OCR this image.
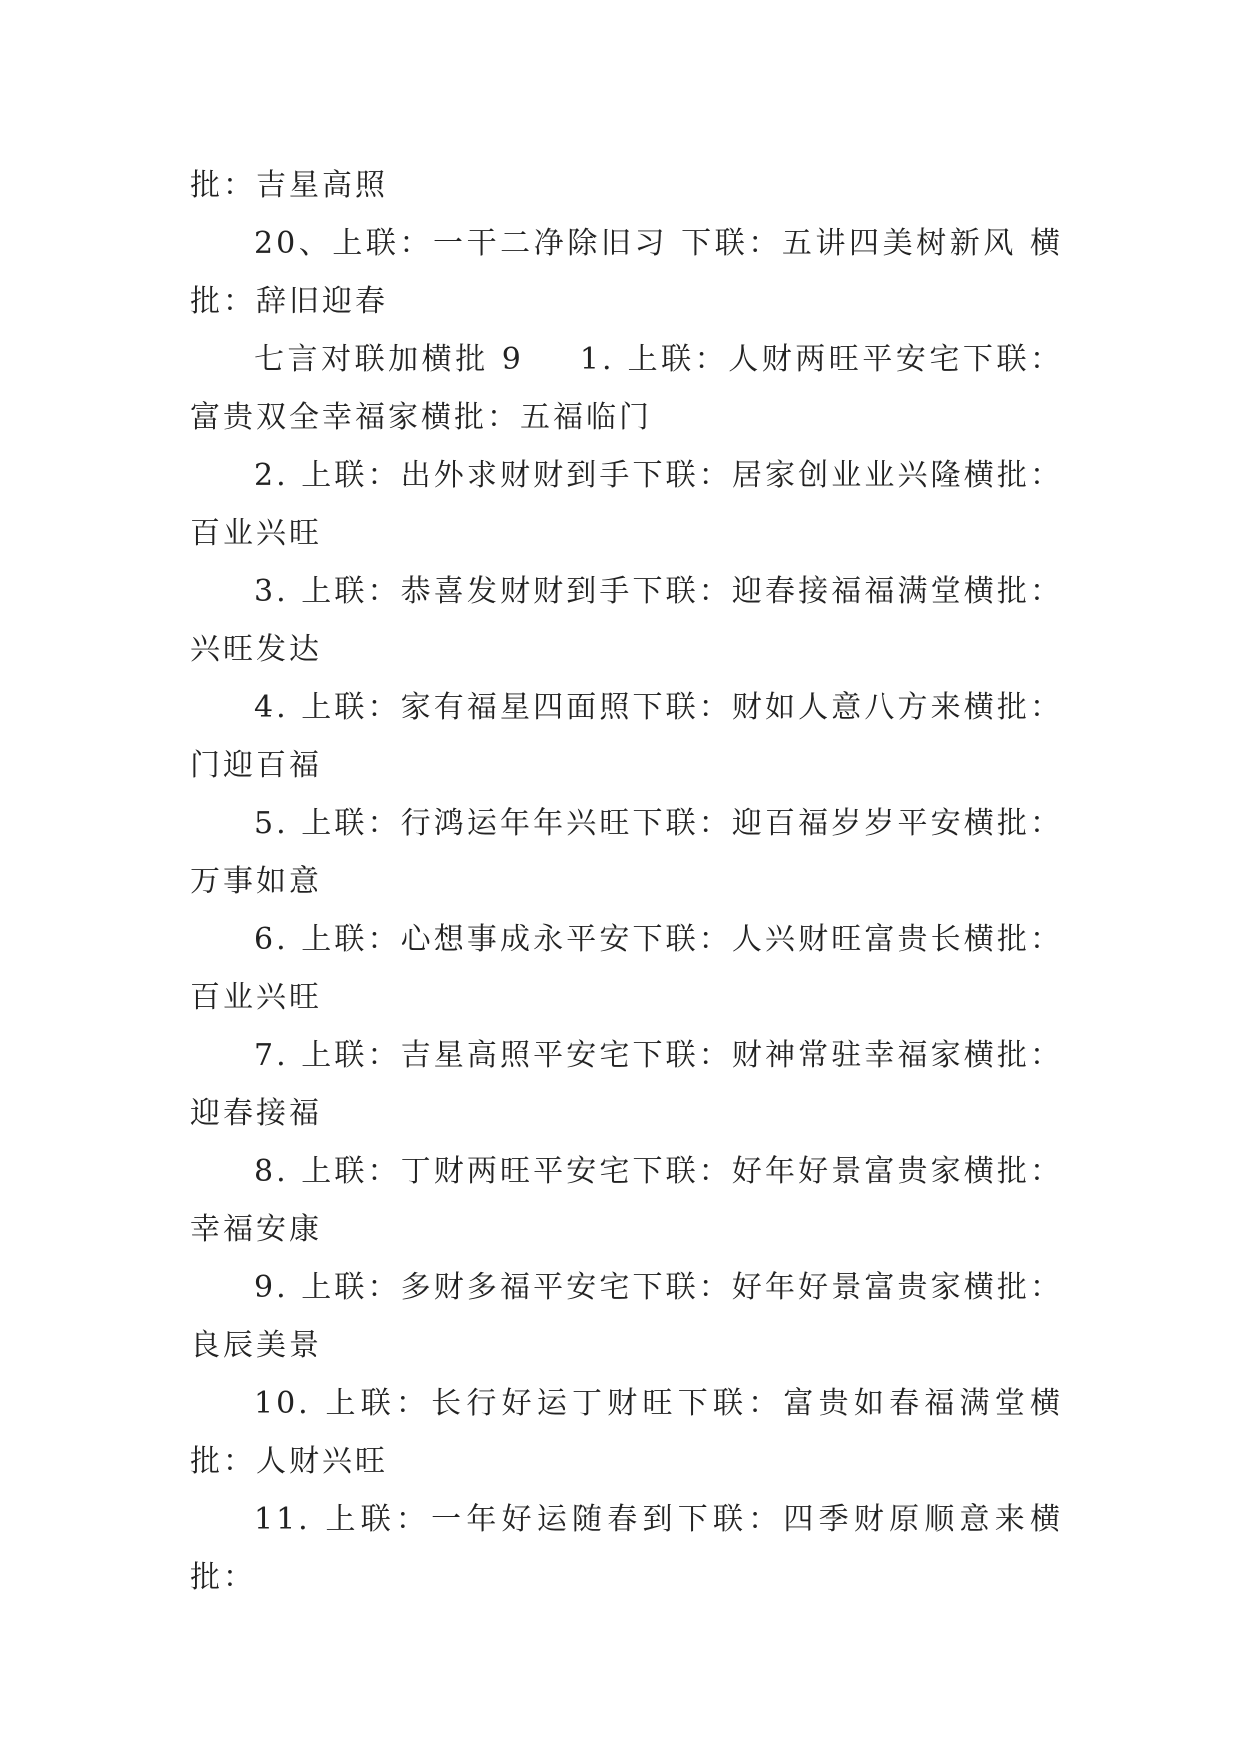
批：吉星高照

20、上联：一干二净除旧习 下联：五讲四美树新风 横批：辞旧迎春

七言对联加横批 9 1. 上联：人财两旺平安宅下联：富贵双全幸福家横批：五福临门

2. 上联：出外求财财到手下联：居家创业业兴隆横批：百业兴旺

3. 上联：恭喜发财财到手下联：迎春接福福满堂横批：兴旺发达

4. 上联：家有福星四面照下联：财如人意八方来横批：门迎百福

5. 上联：行鸿运年年兴旺下联：迎百福岁岁平安横批：万事如意

6. 上联：心想事成永平安下联：人兴财旺富贵长横批：百业兴旺

7. 上联：吉星高照平安宅下联：财神常驻幸福家横批：迎春接福

8. 上联：丁财两旺平安宅下联：好年好景富贵家横批：幸福安康

9. 上联：多财多福平安宅下联：好年好景富贵家横批：良辰美景

10. 上联：长行好运丁财旺下联：富贵如春福满堂横批：人财兴旺

11. 上联：一年好运随春到下联：四季财原顺意来横批：
